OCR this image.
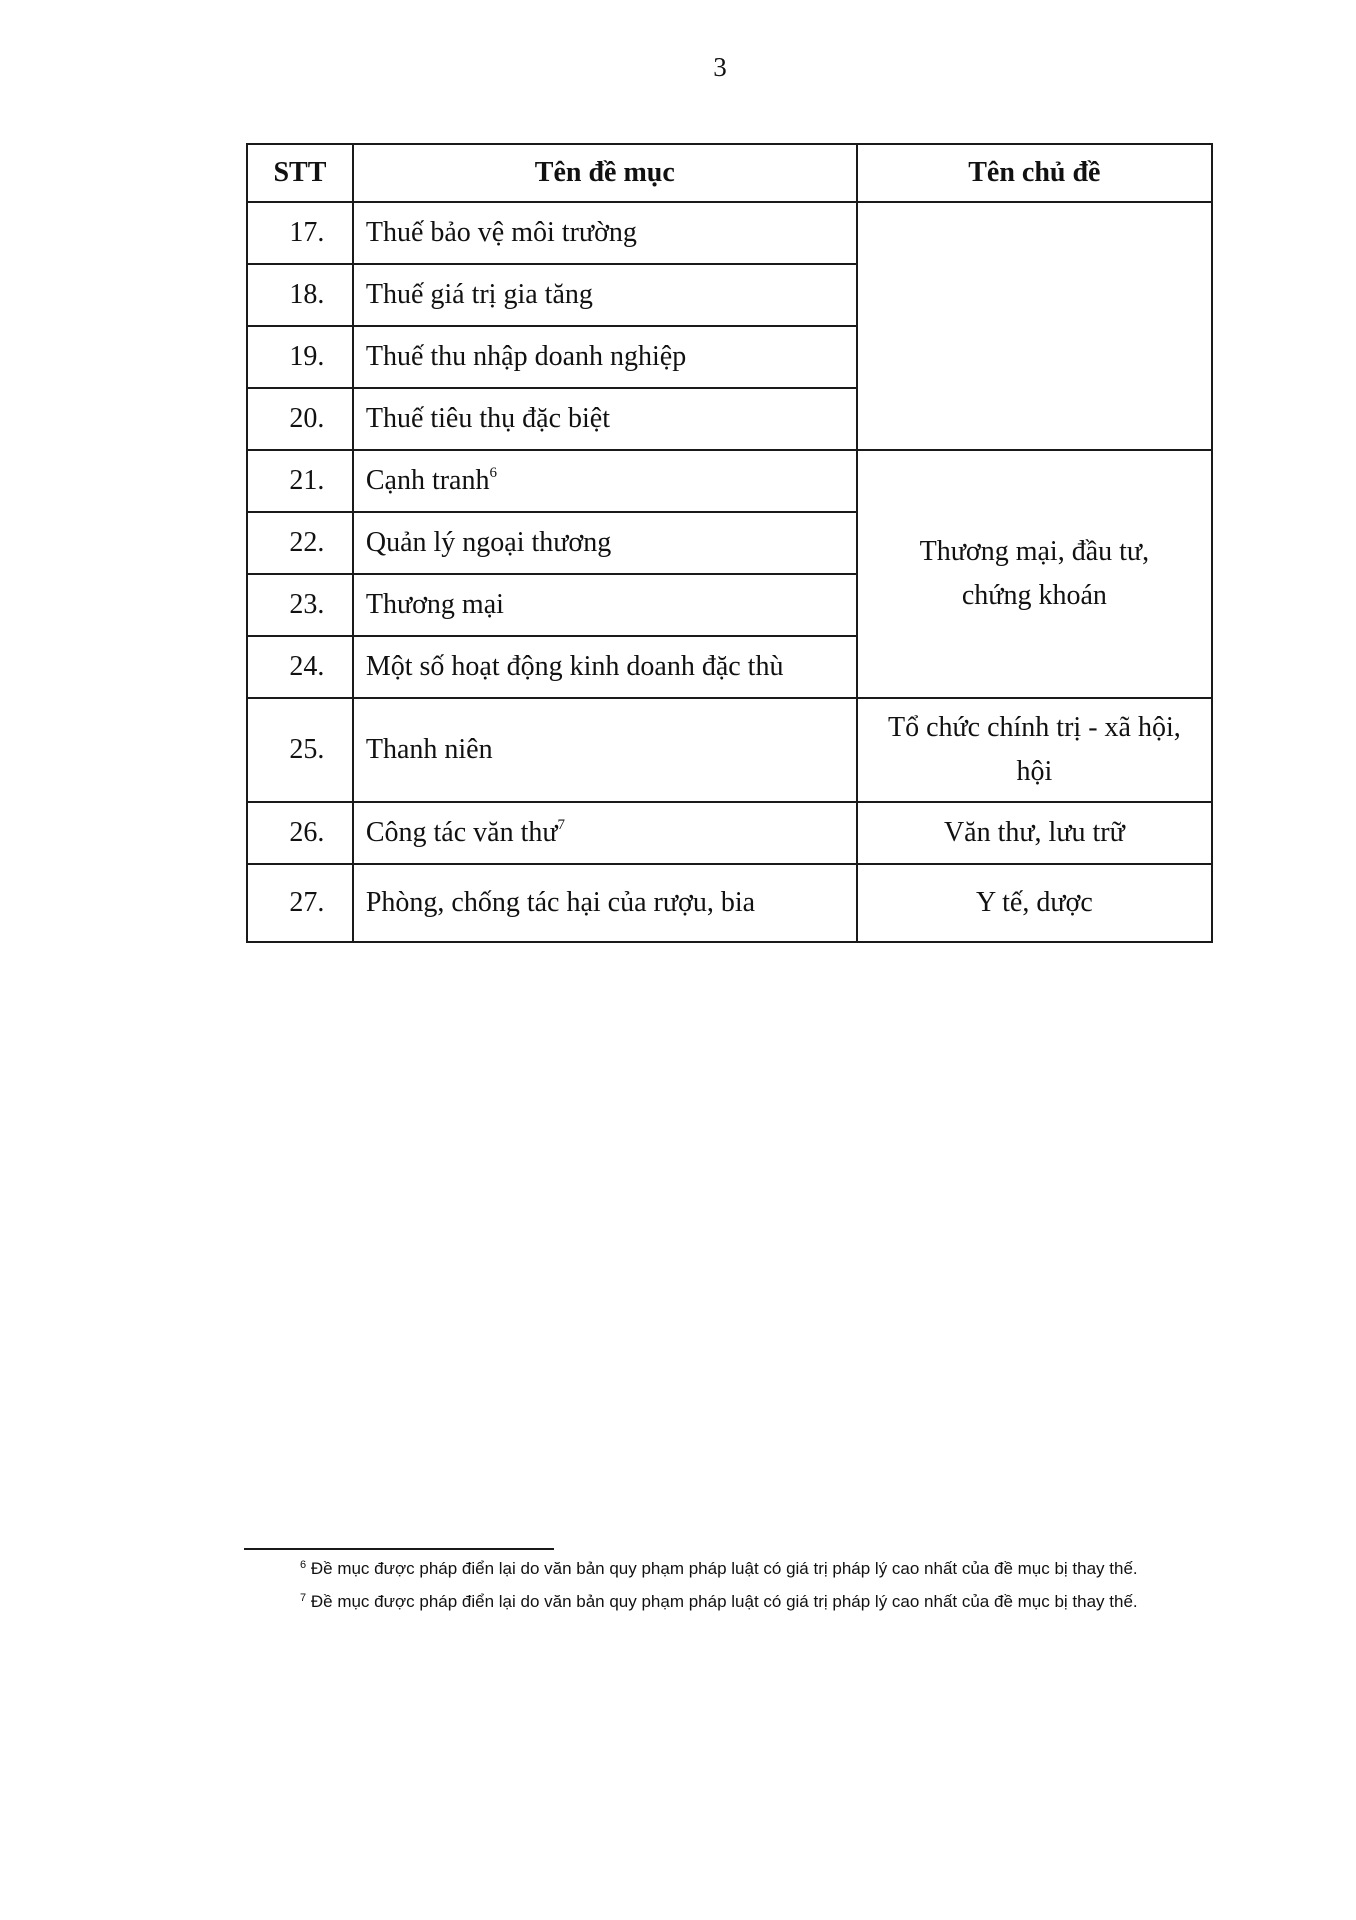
3
STT	Tên đề mục	Tên chủ đề
17.	Thuế bảo vệ môi trường	
18.	Thuế giá trị gia tăng	
19.	Thuế thu nhập doanh nghiệp	
20.	Thuế tiêu thụ đặc biệt	
21.	Cạnh tranh$^6$	Thương mại, đầu tư,
chứng khoán
22.	Quản lý ngoại thương	
23.	Thương mại	
24.	Một số hoạt động kinh doanh đặc thù	
25.	Thanh niên	Tổ chức chính trị - xã hội,
hội
26.	Công tác văn thư$^7$	Văn thư, lưu trữ
27.	Phòng, chống tác hại của rượu, bia	Y tế, dược

$^6$ Đề mục được pháp điển lại do văn bản quy phạm pháp luật có giá trị pháp lý cao nhất của đề mục bị thay thế.

$^7$ Đề mục được pháp điển lại do văn bản quy phạm pháp luật có giá trị pháp lý cao nhất của đề mục bị thay thế.
